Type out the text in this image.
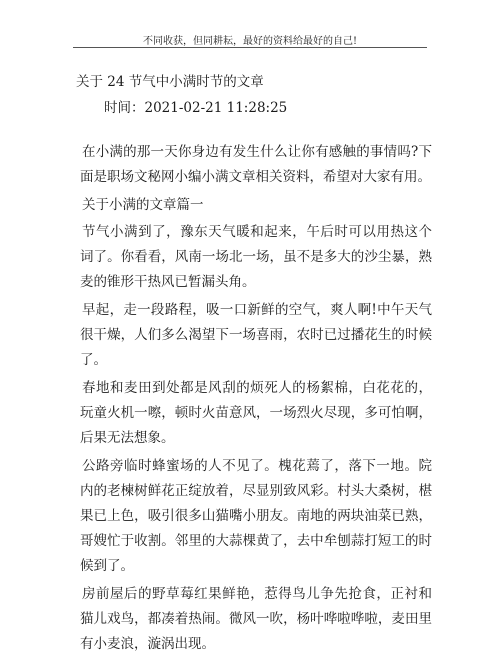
不同收获，但同耕耘，最好的资料给最好的自己!
关于 24 节气中小满时节的文章
时间：2021-02-21 11:28:25

在小满的那一天你身边有发生什么让你有感触的事情吗?下面是职场文秘网小编小满文章相关资料，希望对大家有用。

关于小满的文章篇一

节气小满到了，豫东天气暖和起来，午后时可以用热这个词了。你看看，风南一场北一场，虽不是多大的沙尘暴，熟麦的锥形干热风已暂漏头角。

早起，走一段路程，吸一口新鲜的空气，爽人啊!中午天气很干燥，人们多么渴望下一场喜雨，农时已过播花生的时候了。

春地和麦田到处都是风刮的烦死人的杨絮棉，白花花的，玩童火机一嚓，顿时火苗意风，一场烈火尽现，多可怕啊，后果无法想象。

公路旁临时蜂蜜场的人不见了。槐花蔫了，落下一地。院内的老楝树鲜花正绽放着，尽显别致风彩。村头大桑树，椹果已上色，吸引很多山猫嘴小朋友。南地的两块油菜已熟，哥嫂忙于收割。邻里的大蒜棵黄了，去中牟刨蒜打短工的时候到了。

房前屋后的野草莓红果鲜艳，惹得鸟儿争先抢食，正衬和猫儿戏鸟，都凑着热闹。微风一吹，杨叶哗啦哗啦，麦田里有小麦浪，漩涡出现。
